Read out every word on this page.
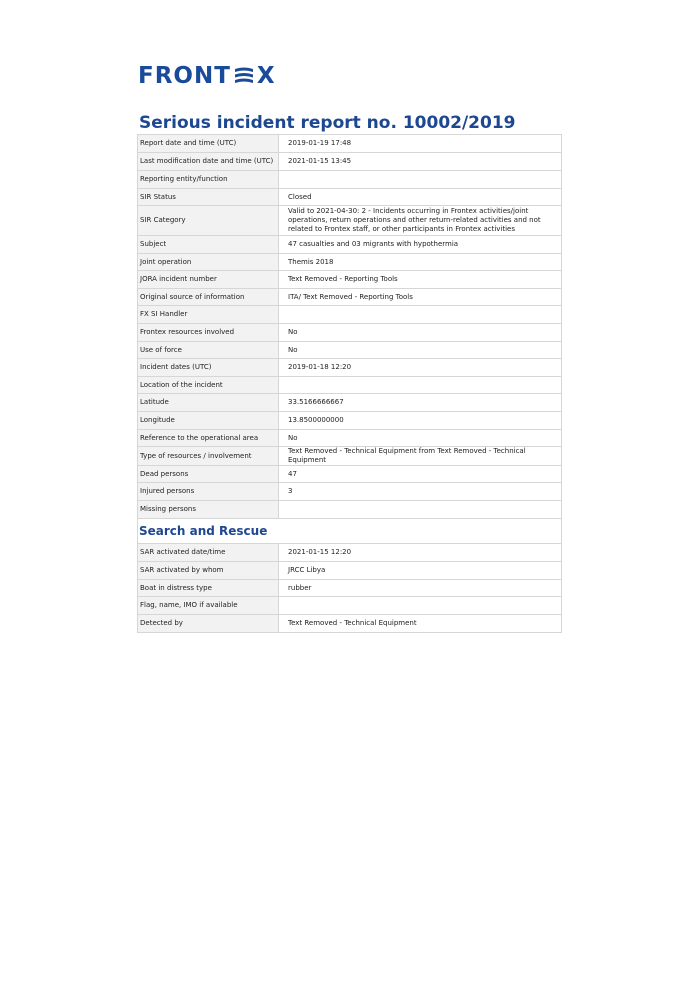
FRONT X
Serious incident report no. 10002/2019
Report date and time (UTC)	2019-01-19 17:48
Last modification date and time (UTC)	2021-01-15 13:45
Reporting entity/function	
SIR Status	Closed
SIR Category	Valid to 2021-04-30: 2 - Incidents occurring in Frontex activities/joint operations, return operations and other return-related activities and not related to Frontex staff, or other participants in Frontex activities
Subject	47 casualties and 03 migrants with hypothermia
Joint operation	Themis 2018
JORA incident number	Text Removed - Reporting Tools
Original source of information	ITA/ Text Removed - Reporting Tools
FX SI Handler	
Frontex resources involved	No
Use of force	No
Incident dates (UTC)	2019-01-18 12:20
Location of the incident	
Latitude	33.5166666667
Longitude	13.8500000000
Reference to the operational area	No
Type of resources / involvement	Text Removed - Technical Equipment from Text Removed - Technical Equipment
Dead persons	47
Injured persons	3
Missing persons	
Search and Rescue
SAR activated date/time	2021-01-15 12:20
SAR activated by whom	JRCC Libya
Boat in distress type	rubber
Flag, name, IMO if available	
Detected by	Text Removed - Technical Equipment
